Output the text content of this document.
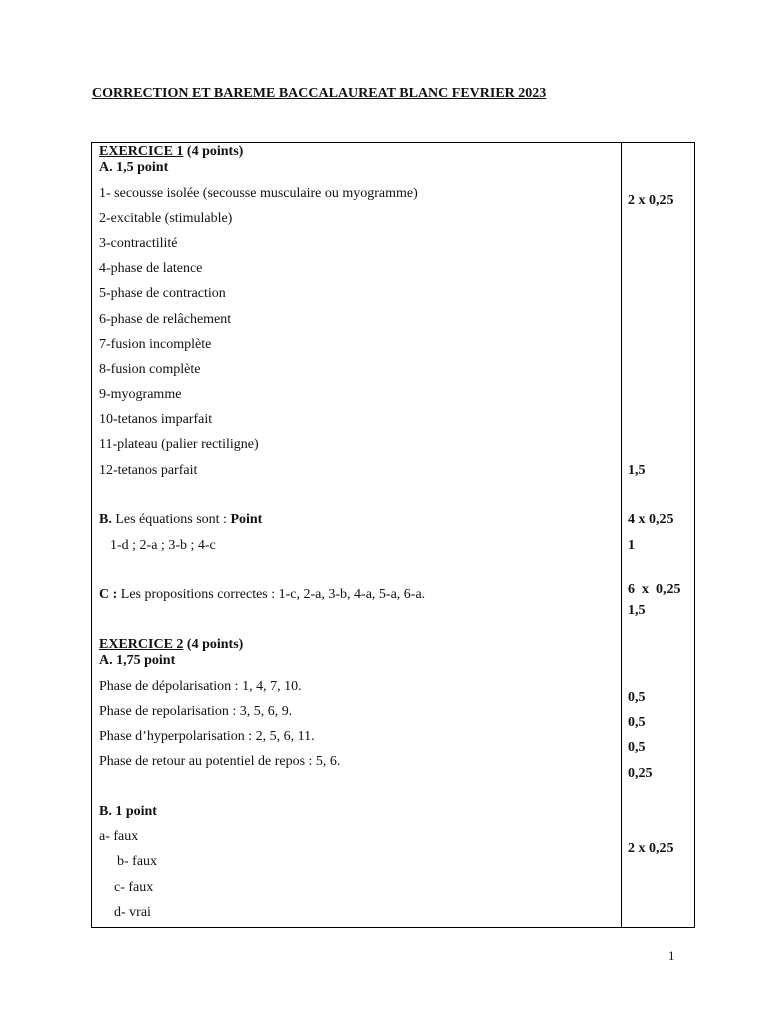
CORRECTION ET BAREME BACCALAUREAT BLANC FEVRIER 2023
EXERCICE 1 (4 points)
A. 1,5 point
1- secousse isolée (secousse musculaire ou myogramme)
2-excitable (stimulable)
3-contractilité
4-phase de latence
5-phase de contraction
6-phase de relâchement
7-fusion incomplète
8-fusion complète
9-myogramme
10-tetanos imparfait
11-plateau (palier rectiligne)
12-tetanos parfait
B. Les équations sont : Point
1-d ; 2-a ; 3-b ; 4-c
C : Les propositions correctes : 1-c, 2-a, 3-b, 4-a, 5-a, 6-a.
EXERCICE 2 (4 points)
A. 1,75 point
Phase de dépolarisation : 1, 4, 7, 10.
Phase de repolarisation : 3, 5, 6, 9.
Phase d’hyperpolarisation : 2, 5, 6, 11.
Phase de retour au potentiel de repos : 5, 6.
B. 1 point
a- faux
b- faux
c- faux
d- vrai
2 x 0,25
1,5
4 x 0,25
1
6  x  0,25
1,5
0,5
0,5
0,5
0,25
2 x 0,25
1
